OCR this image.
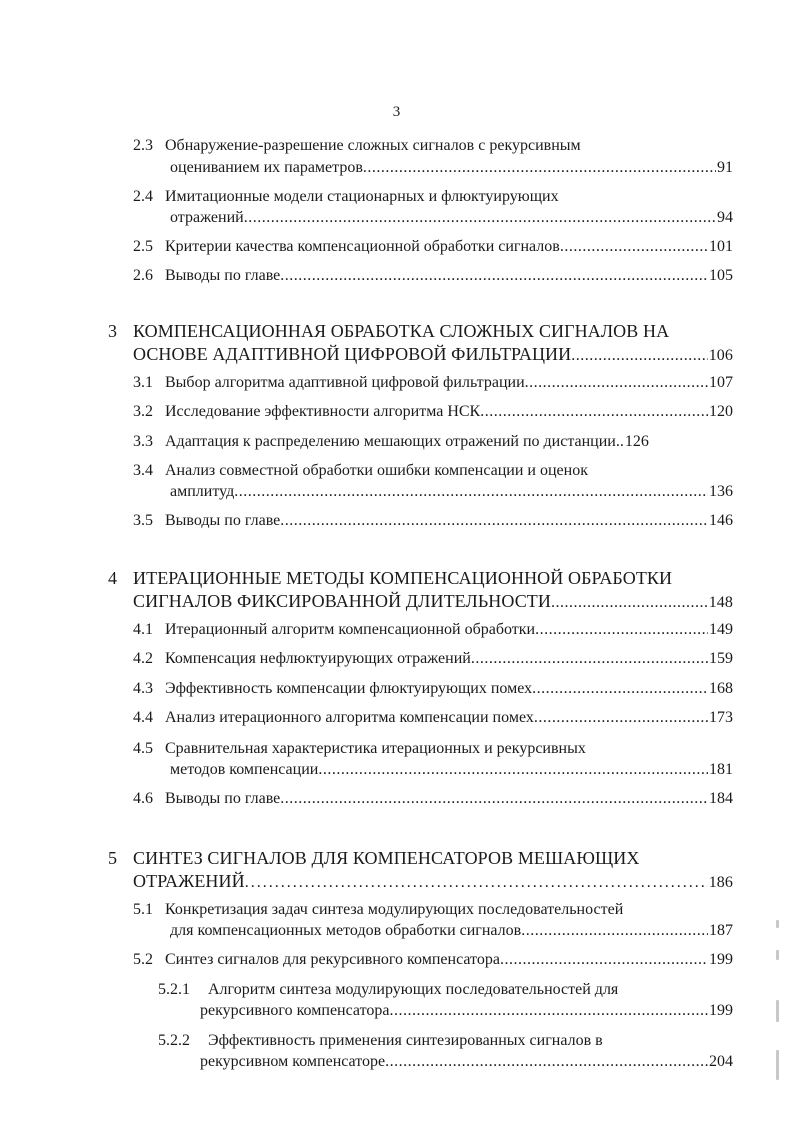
3
2.3 Обнаружение-разрешение сложных сигналов с рекурсивным
оцениванием их параметров .....	91
2.4 Имитационные модели стационарных и флюктуирующих
отражений .....	94
2.5 Критерии качества компенсационной обработки сигналов .....	101
2.6 Выводы по главе .....	105
3 КОМПЕНСАЦИОННАЯ ОБРАБОТКА СЛОЖНЫХ СИГНАЛОВ НА
ОСНОВЕ АДАПТИВНОЙ ЦИФРОВОЙ ФИЛЬТРАЦИИ .....	106
3.1 Выбор алгоритма адаптивной цифровой фильтрации .....	107
3.2 Исследование эффективности алгоритма НСК .....	120
3.3 Адаптация к распределению мешающих отражений по дистанции.. 126
3.4 Анализ совместной обработки ошибки компенсации и оценок
амплитуд .....	136
3.5 Выводы по главе .....	146
4 ИТЕРАЦИОННЫЕ МЕТОДЫ КОМПЕНСАЦИОННОЙ ОБРАБОТКИ
СИГНАЛОВ ФИКСИРОВАННОЙ ДЛИТЕЛЬНОСТИ .....	148
4.1 Итерационный алгоритм компенсационной обработки .....	149
4.2 Компенсация нефлюктуирующих отражений .....	159
4.3 Эффективность компенсации флюктуирующих помех .....	168
4.4 Анализ итерационного алгоритма компенсации помех .....	173
4.5 Сравнительная характеристика итерационных и рекурсивных
методов компенсации .....	181
4.6 Выводы по главе .....	184
5 СИНТЕЗ СИГНАЛОВ ДЛЯ КОМПЕНСАТОРОВ МЕШАЮЩИХ
ОТРАЖЕНИЙ .....	186
5.1 Конкретизация задач синтеза модулирующих последовательностей
для компенсационных методов обработки сигналов .....	187
5.2 Синтез сигналов для рекурсивного компенсатора .....	199
5.2.1 Алгоритм синтеза модулирующих последовательностей для
рекурсивного компенсатора .....	199
5.2.2 Эффективность применения синтезированных сигналов в
рекурсивном компенсаторе .....	204
